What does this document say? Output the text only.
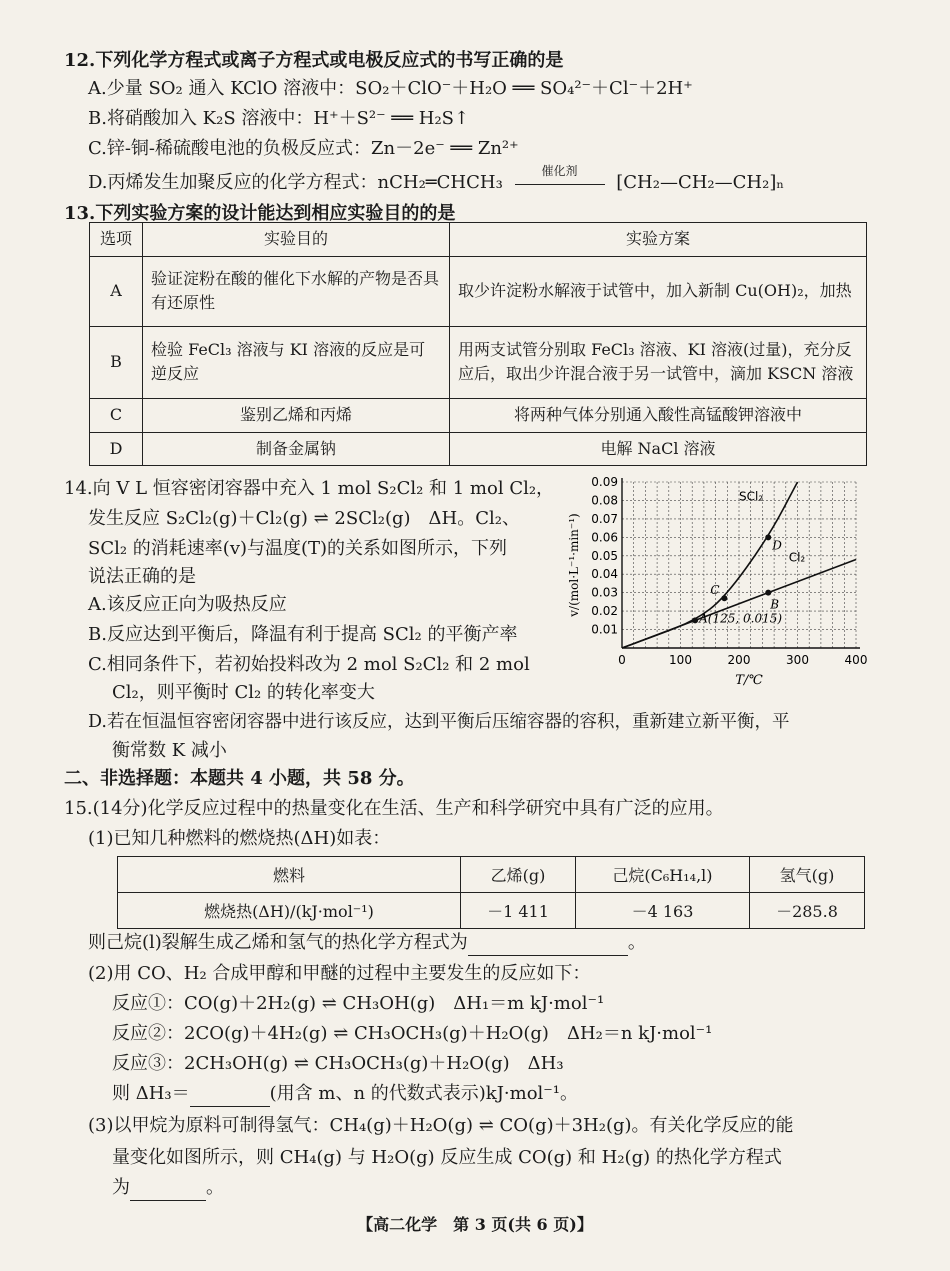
12.下列化学方程式或离子方程式或电极反应式的书写正确的是
A.少量 SO₂ 通入 KClO 溶液中：SO₂＋ClO⁻＋H₂O ══ SO₄²⁻＋Cl⁻＋2H⁺
B.将硝酸加入 K₂S 溶液中：H⁺＋S²⁻ ══ H₂S↑
C.锌-铜-稀硫酸电池的负极反应式：Zn－2e⁻ ══ Zn²⁺
D.丙烯发生加聚反应的化学方程式：nCH₂═CHCH₃
催化剂
[CH₂—CH₂—CH₂]ₙ
13.下列实验方案的设计能达到相应实验目的的是
选项	实验目的	实验方案
A	验证淀粉在酸的催化下水解的产物是否具有还原性	取少许淀粉水解液于试管中，加入新制 Cu(OH)₂，加热
B	检验 FeCl₃ 溶液与 KI 溶液的反应是可逆反应	用两支试管分别取 FeCl₃ 溶液、KI 溶液(过量)，充分反应后，取出少许混合液于另一试管中，滴加 KSCN 溶液
C	鉴别乙烯和丙烯	将两种气体分别通入酸性高锰酸钾溶液中
D	制备金属钠	电解 NaCl 溶液
14.向 V L 恒容密闭容器中充入 1 mol S₂Cl₂ 和 1 mol Cl₂，
发生反应 S₂Cl₂(g)＋Cl₂(g) ⇌ 2SCl₂(g)　ΔH。Cl₂、
SCl₂ 的消耗速率(v)与温度(T)的关系如图所示，下列
说法正确的是
A.该反应正向为吸热反应
B.反应达到平衡后，降温有利于提高 SCl₂ 的平衡产率
C.相同条件下，若初始投料改为 2 mol S₂Cl₂ 和 2 mol
Cl₂，则平衡时 Cl₂ 的转化率变大
D.若在恒温恒容密闭容器中进行该反应，达到平衡后压缩容器的容积，重新建立新平衡，平
衡常数 K 减小
0	100	200	300	400
0.01
0.02
0.03
0.04
0.05
0.06
0.07
0.08
0.09
T/℃
v/(mol·L⁻¹·min⁻¹)
SCl₂
Cl₂
A(125, 0.015)
B
C
D
二、非选择题：本题共 4 小题，共 58 分。
15.(14分)化学反应过程中的热量变化在生活、生产和科学研究中具有广泛的应用。
(1)已知几种燃料的燃烧热(ΔH)如表：
燃料	乙烯(g)	己烷(C₆H₁₄,l)	氢气(g)
燃烧热(ΔH)/(kJ·mol⁻¹)	－1 411	－4 163	－285.8
则己烷(l)裂解生成乙烯和氢气的热化学方程式为	。
(2)用 CO、H₂ 合成甲醇和甲醚的过程中主要发生的反应如下：
反应①：CO(g)＋2H₂(g) ⇌ CH₃OH(g)　ΔH₁＝m kJ·mol⁻¹
反应②：2CO(g)＋4H₂(g) ⇌ CH₃OCH₃(g)＋H₂O(g)　ΔH₂＝n kJ·mol⁻¹
反应③：2CH₃OH(g) ⇌ CH₃OCH₃(g)＋H₂O(g)　ΔH₃
则 ΔH₃＝	(用含 m、n 的代数式表示)kJ·mol⁻¹。
(3)以甲烷为原料可制得氢气：CH₄(g)＋H₂O(g) ⇌ CO(g)＋3H₂(g)。有关化学反应的能
量变化如图所示，则 CH₄(g) 与 H₂O(g) 反应生成 CO(g) 和 H₂(g) 的热化学方程式
为	。
【高二化学　第 3 页(共 6 页)】
